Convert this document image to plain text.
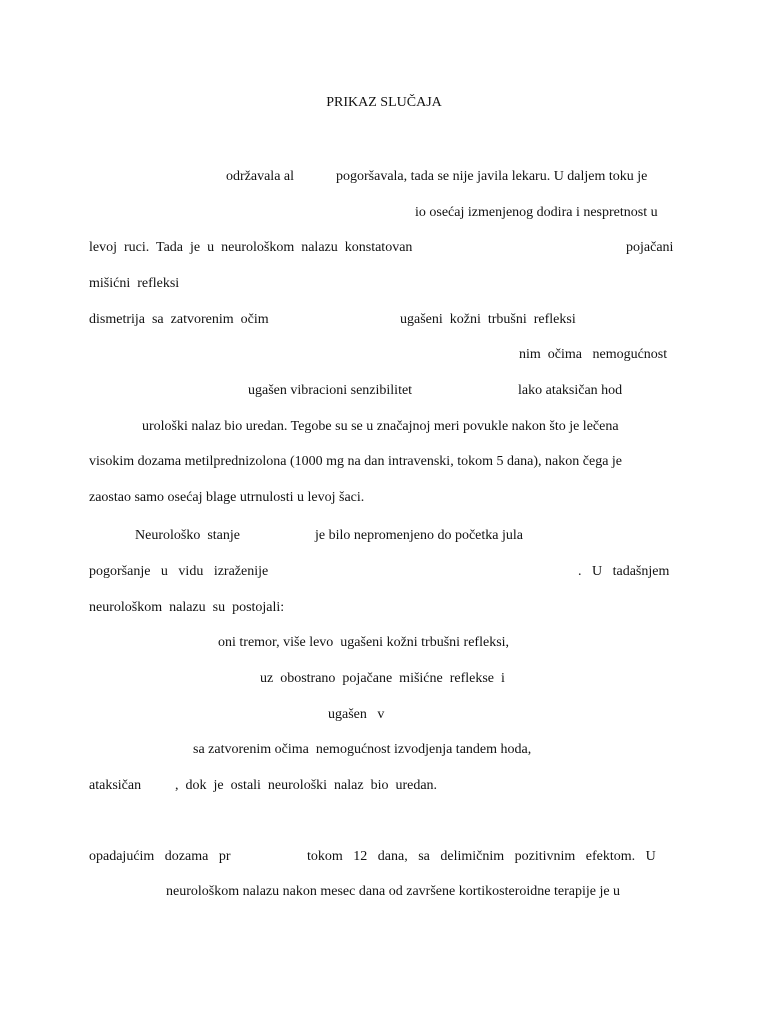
PRIKAZ SLUČAJA
održavala al	pogoršavala, tada se nije javila lekaru. U daljem toku je
io osećaj izmenjenog dodira i nespretnost u
levoj  ruci.  Tada  je  u  neurološkom  nalazu  konstatovan	pojačani
mišićni  refleksi
dismetrija  sa  zatvorenim  očim	ugašeni  kožni  trbušni  refleksi
nim  očima   nemogućnost
ugašen vibracioni senzibilitet	lako ataksičan hod
urološki nalaz bio uredan. Tegobe su se u značajnoj meri povukle nakon što je lečena
visokim dozama metilprednizolona (1000 mg na dan intravenski, tokom 5 dana), nakon čega je
zaostao samo osećaj blage utrnulosti u levoj šaci.
Neurološko  stanje	je bilo nepromenjeno do početka jula
pogoršanje   u   vidu   izraženije	.   U   tadašnjem
neurološkom  nalazu  su  postojali:
oni tremor, više levo  ugašeni kožni trbušni refleksi,
uz  obostrano  pojačane  mišićne  reflekse  i
ugašen   v
sa zatvorenim očima  nemogućnost izvodjenja tandem hoda,
ataksičan ,  dok  je  ostali  neurološki  nalaz  bio  uredan.
opadajućim   dozama   pr	tokom   12   dana,   sa   delimičnim   pozitivnim   efektom.   U
neurološkom nalazu nakon mesec dana od završene kortikosteroidne terapije je u
